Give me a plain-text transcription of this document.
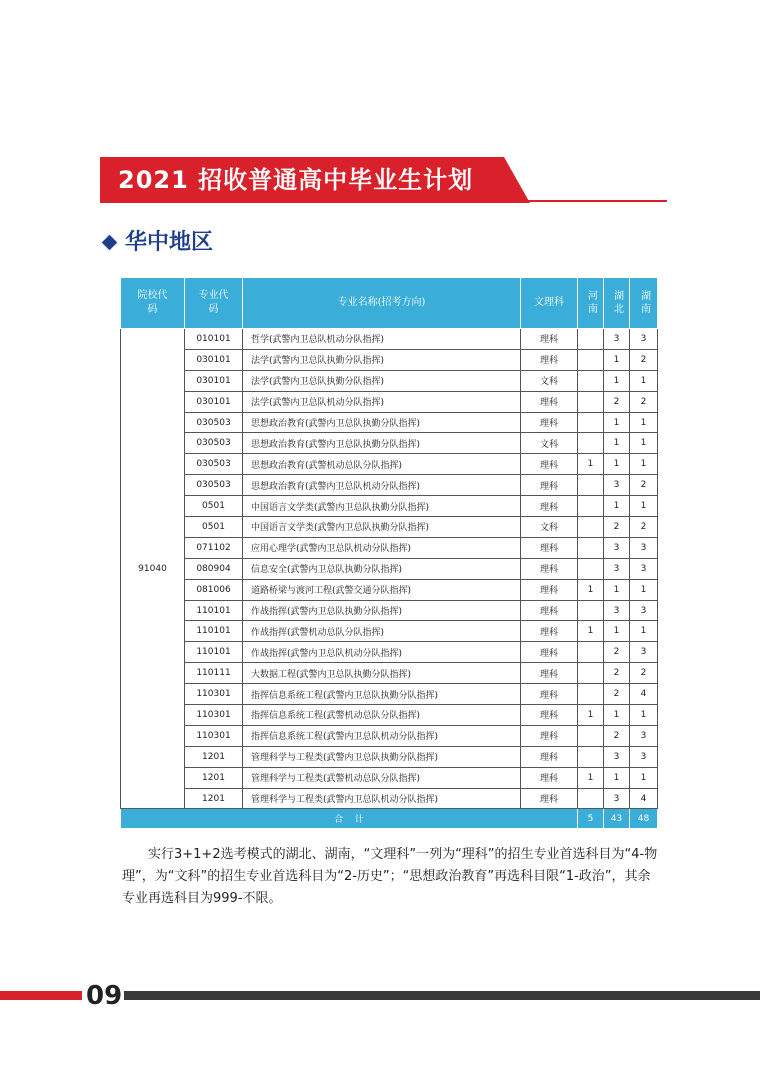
2021 招收普通高中毕业生计划
华中地区
院校代码	专业代码	专业名称(招考方向)	文理科	河南	湖北	湖南
91040	010101	哲学(武警内卫总队机动分队指挥)	理科		3	3
	030101	法学(武警内卫总队执勤分队指挥)	理科		1	2
	030101	法学(武警内卫总队执勤分队指挥)	文科		1	1
	030101	法学(武警内卫总队机动分队指挥)	理科		2	2
	030503	思想政治教育(武警内卫总队执勤分队指挥)	理科		1	1
	030503	思想政治教育(武警内卫总队执勤分队指挥)	文科		1	1
	030503	思想政治教育(武警机动总队分队指挥)	理科	1	1	1
	030503	思想政治教育(武警内卫总队机动分队指挥)	理科		3	2
	0501	中国语言文学类(武警内卫总队执勤分队指挥)	理科		1	1
	0501	中国语言文学类(武警内卫总队执勤分队指挥)	文科		2	2
	071102	应用心理学(武警内卫总队机动分队指挥)	理科		3	3
	080904	信息安全(武警内卫总队执勤分队指挥)	理科		3	3
	081006	道路桥梁与渡河工程(武警交通分队指挥)	理科	1	1	1
	110101	作战指挥(武警内卫总队执勤分队指挥)	理科		3	3
	110101	作战指挥(武警机动总队分队指挥)	理科	1	1	1
	110101	作战指挥(武警内卫总队机动分队指挥)	理科		2	3
	110111	大数据工程(武警内卫总队执勤分队指挥)	理科		2	2
	110301	指挥信息系统工程(武警内卫总队执勤分队指挥)	理科		2	4
	110301	指挥信息系统工程(武警机动总队分队指挥)	理科	1	1	1
	110301	指挥信息系统工程(武警内卫总队机动分队指挥)	理科		2	3
	1201	管理科学与工程类(武警内卫总队执勤分队指挥)	理科		3	3
	1201	管理科学与工程类(武警机动总队分队指挥)	理科	1	1	1
	1201	管理科学与工程类(武警内卫总队机动分队指挥)	理科		3	4
合    计				5	43	48

实行3+1+2选考模式的湖北、湖南，“文理科”一列为“理科”的招生专业首选科目为“4-物理”，为“文科”的招生专业首选科目为“2-历史”；“思想政治教育”再选科目限“1-政治”，其余专业再选科目为999-不限。

09
